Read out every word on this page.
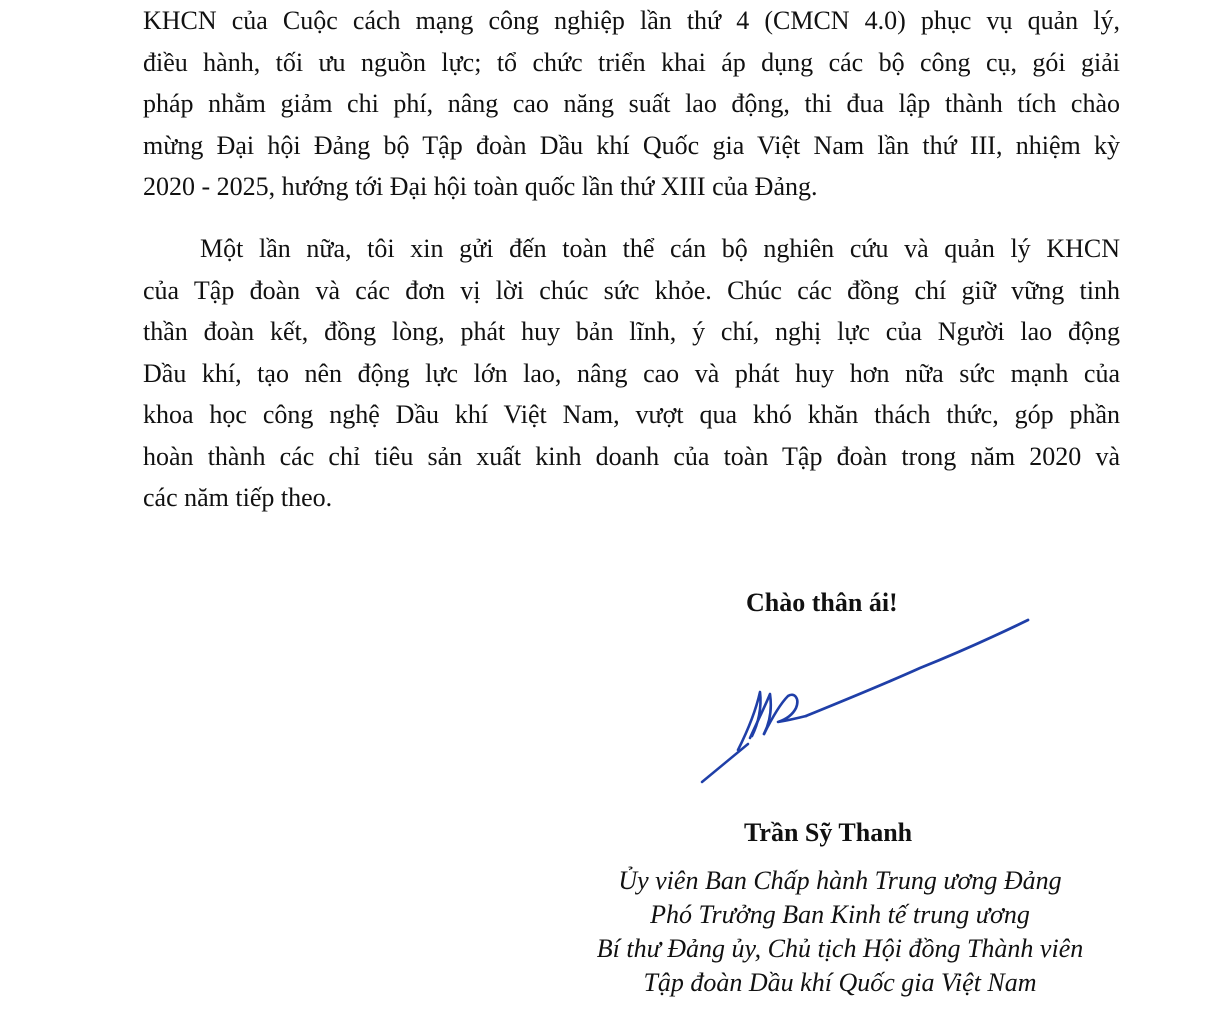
KHCN của Cuộc cách mạng công nghiệp lần thứ 4 (CMCN 4.0) phục vụ quản lý,
điều hành, tối ưu nguồn lực; tổ chức triển khai áp dụng các bộ công cụ, gói giải
pháp nhằm giảm chi phí, nâng cao năng suất lao động, thi đua lập thành tích chào
mừng Đại hội Đảng bộ Tập đoàn Dầu khí Quốc gia Việt Nam lần thứ III, nhiệm kỳ
2020 - 2025, hướng tới Đại hội toàn quốc lần thứ XIII của Đảng.

Một lần nữa, tôi xin gửi đến toàn thể cán bộ nghiên cứu và quản lý KHCN
của Tập đoàn và các đơn vị lời chúc sức khỏe. Chúc các đồng chí giữ vững tinh
thần đoàn kết, đồng lòng, phát huy bản lĩnh, ý chí, nghị lực của Người lao động
Dầu khí, tạo nên động lực lớn lao, nâng cao và phát huy hơn nữa sức mạnh của
khoa học công nghệ Dầu khí Việt Nam, vượt qua khó khăn thách thức, góp phần
hoàn thành các chỉ tiêu sản xuất kinh doanh của toàn Tập đoàn trong năm 2020 và
các năm tiếp theo.

Chào thân ái!

Trần Sỹ Thanh

Ủy viên Ban Chấp hành Trung ương Đảng
Phó Trưởng Ban Kinh tế trung ương
Bí thư Đảng ủy, Chủ tịch Hội đồng Thành viên
Tập đoàn Dầu khí Quốc gia Việt Nam
